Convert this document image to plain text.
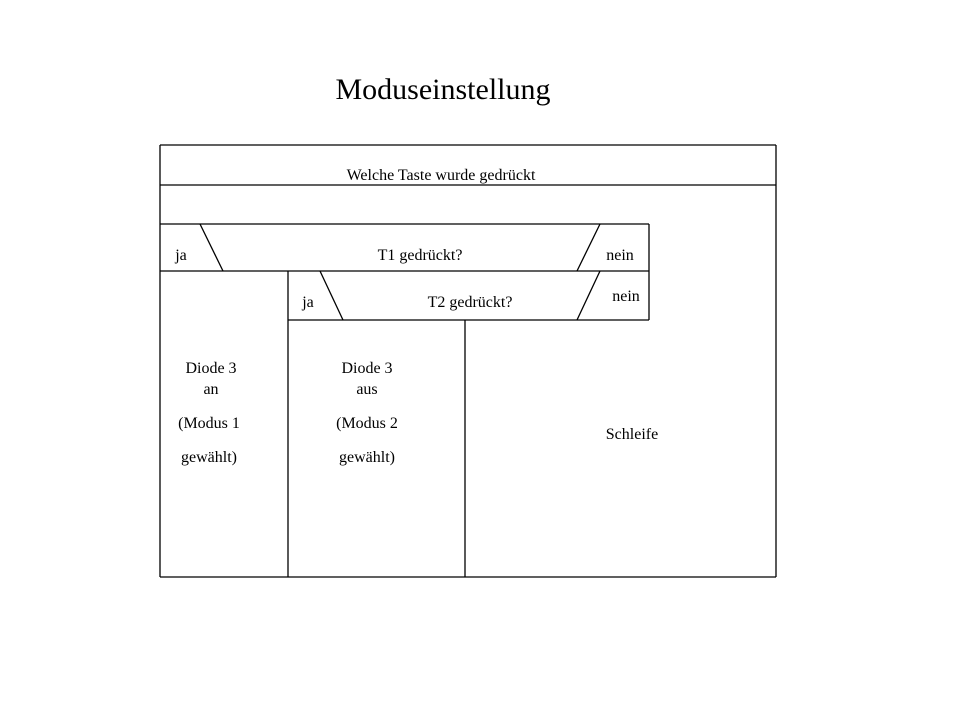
Moduseinstellung
Welche Taste wurde gedrückt
T1 gedrückt?
ja	nein
T2 gedrückt?
ja	nein
Diode 3
an
(Modus 1
gewählt)
Diode 3
aus
(Modus 2
gewählt)
Schleife
